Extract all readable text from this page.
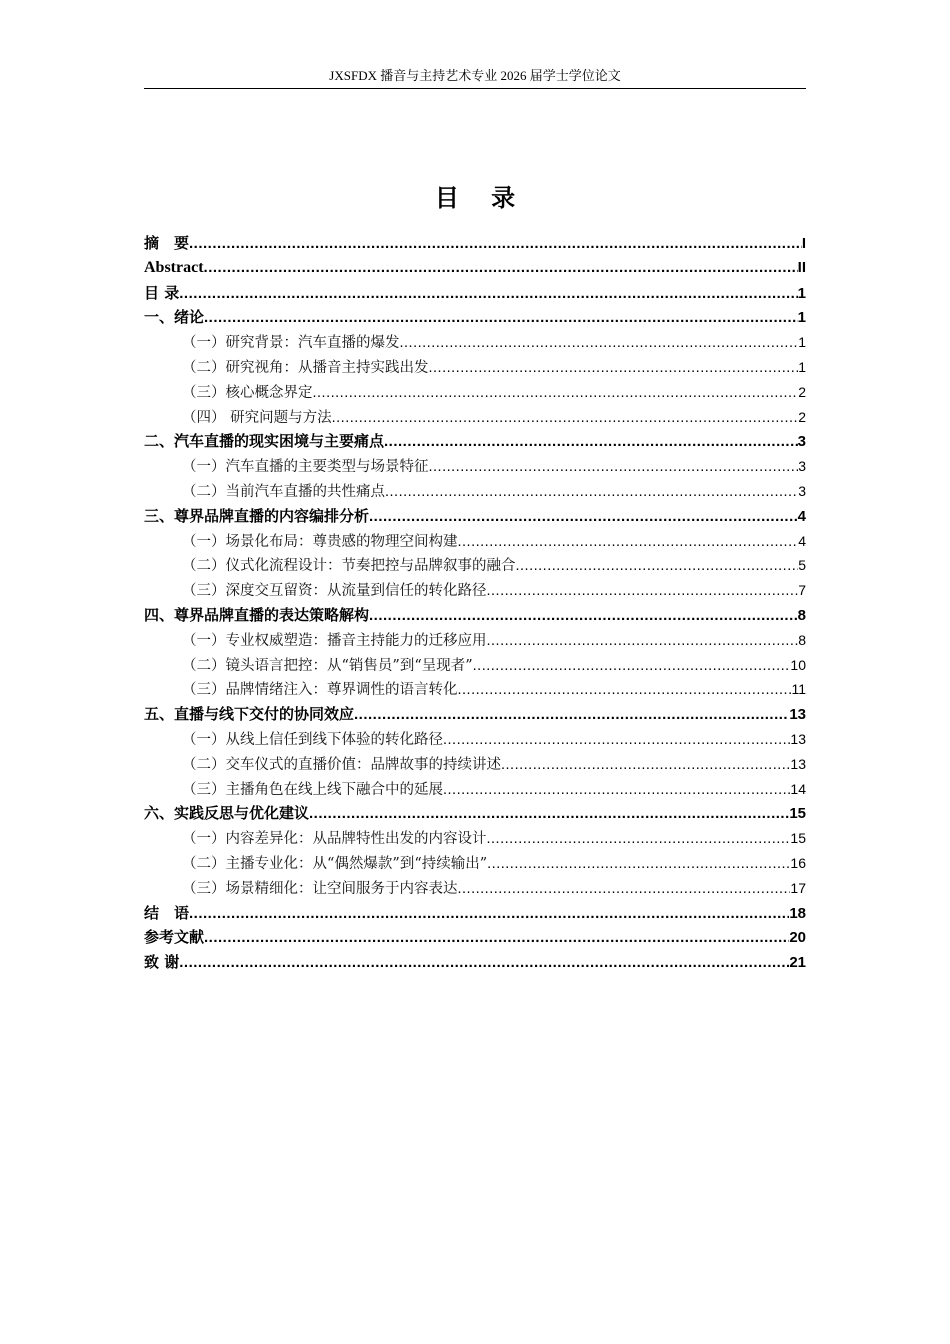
JXSFDX 播音与主持艺术专业 2026 届学士学位论文
目 录
摘　要 .....	I
Abstract .....	II
目 录 .....	1
一、绪论 .....	1
（一）研究背景：汽车直播的爆发 .....	1
（二）研究视角：从播音主持实践出发 .....	1
（三）核心概念界定 .....	2
（四） 研究问题与方法 .....	2
二、汽车直播的现实困境与主要痛点 .....	3
（一）汽车直播的主要类型与场景特征 .....	3
（二）当前汽车直播的共性痛点 .....	3
三、尊界品牌直播的内容编排分析 .....	4
（一）场景化布局：尊贵感的物理空间构建 .....	4
（二）仪式化流程设计：节奏把控与品牌叙事的融合 .....	5
（三）深度交互留资：从流量到信任的转化路径 .....	7
四、尊界品牌直播的表达策略解构 .....	8
（一）专业权威塑造：播音主持能力的迁移应用 .....	8
（二）镜头语言把控：从“销售员”到“呈现者” .....	10
（三）品牌情绪注入：尊界调性的语言转化 .....	11
五、直播与线下交付的协同效应 .....	13
（一）从线上信任到线下体验的转化路径 .....	13
（二）交车仪式的直播价值：品牌故事的持续讲述 .....	13
（三）主播角色在线上线下融合中的延展 .....	14
六、实践反思与优化建议 .....	15
（一）内容差异化：从品牌特性出发的内容设计 .....	15
（二）主播专业化：从“偶然爆款”到“持续输出” .....	16
（三）场景精细化：让空间服务于内容表达 .....	17
结　语 .....	18
参考文献 .....	20
致 谢 .....	21
